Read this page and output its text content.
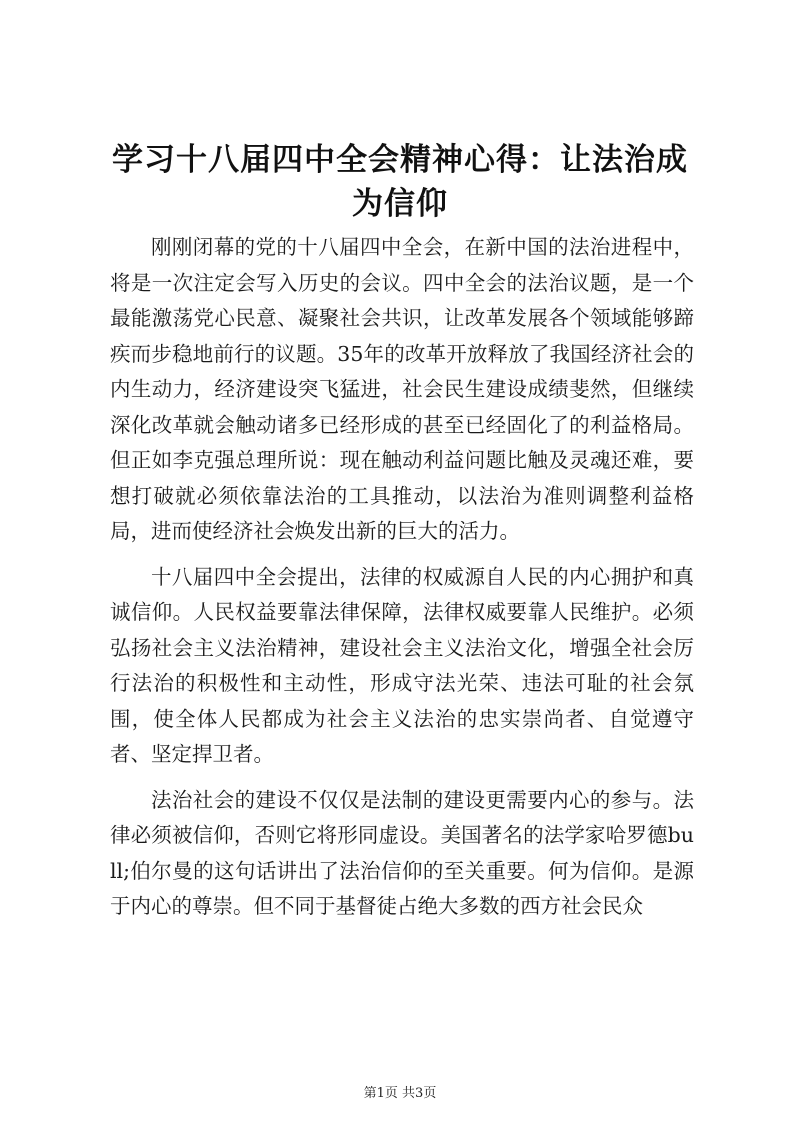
学习十八届四中全会精神心得：让法治成为信仰

刚刚闭幕的党的十八届四中全会，在新中国的法治进程中，将是一次注定会写入历史的会议。四中全会的法治议题，是一个最能激荡党心民意、凝聚社会共识，让改革发展各个领域能够蹄疾而步稳地前行的议题。35年的改革开放释放了我国经济社会的内生动力，经济建设突飞猛进，社会民生建设成绩斐然，但继续深化改革就会触动诸多已经形成的甚至已经固化了的利益格局。但正如李克强总理所说：现在触动利益问题比触及灵魂还难，要想打破就必须依靠法治的工具推动，以法治为准则调整利益格局，进而使经济社会焕发出新的巨大的活力。

十八届四中全会提出，法律的权威源自人民的内心拥护和真诚信仰。人民权益要靠法律保障，法律权威要靠人民维护。必须弘扬社会主义法治精神，建设社会主义法治文化，增强全社会厉行法治的积极性和主动性，形成守法光荣、违法可耻的社会氛围，使全体人民都成为社会主义法治的忠实崇尚者、自觉遵守者、坚定捍卫者。

法治社会的建设不仅仅是法制的建设更需要内心的参与。法律必须被信仰，否则它将形同虚设。美国著名的法学家哈罗德bull;伯尔曼的这句话讲出了法治信仰的至关重要。何为信仰。是源于内心的尊崇。但不同于基督徒占绝大多数的西方社会民众

第1页 共3页
